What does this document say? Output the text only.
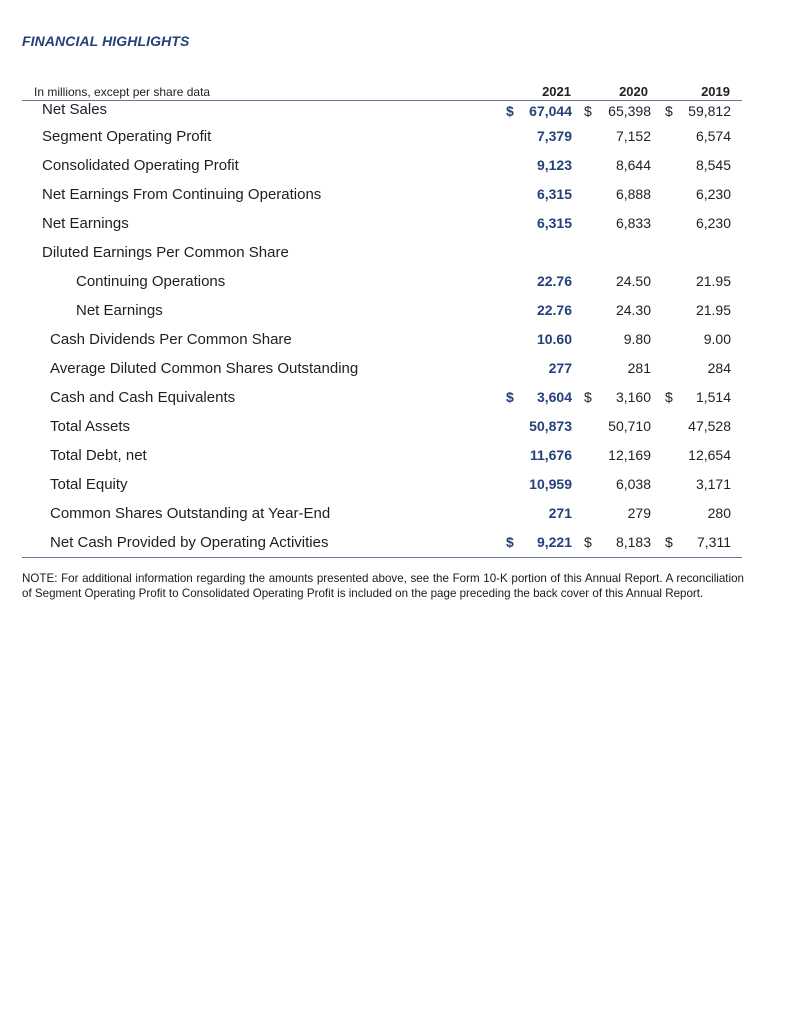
FINANCIAL HIGHLIGHTS
In millions, except per share data	2021	2020	2019
Net Sales	$ 67,044 $ 65,398 $ 59,812
Segment Operating Profit	7,379	7,152	6,574
Consolidated Operating Profit	9,123	8,644	8,545
Net Earnings From Continuing Operations	6,315	6,888	6,230
Net Earnings	6,315	6,833	6,230
Diluted Earnings Per Common Share
Continuing Operations	22.76	24.50	21.95
Net Earnings	22.76	24.30	21.95
Cash Dividends Per Common Share	10.60	9.80	9.00
Average Diluted Common Shares Outstanding	277	281	284
Cash and Cash Equivalents	$ 3,604 $ 3,160 $ 1,514
Total Assets	50,873	50,710	47,528
Total Debt, net	11,676	12,169	12,654
Total Equity	10,959	6,038	3,171
Common Shares Outstanding at Year-End	271	279	280
Net Cash Provided by Operating Activities	$ 9,221 $ 8,183 $ 7,311
NOTE: For additional information regarding the amounts presented above, see the Form 10-K portion of this Annual Report. A reconciliation of Segment Operating Profit to Consolidated Operating Profit is included on the page preceding the back cover of this Annual Report.
